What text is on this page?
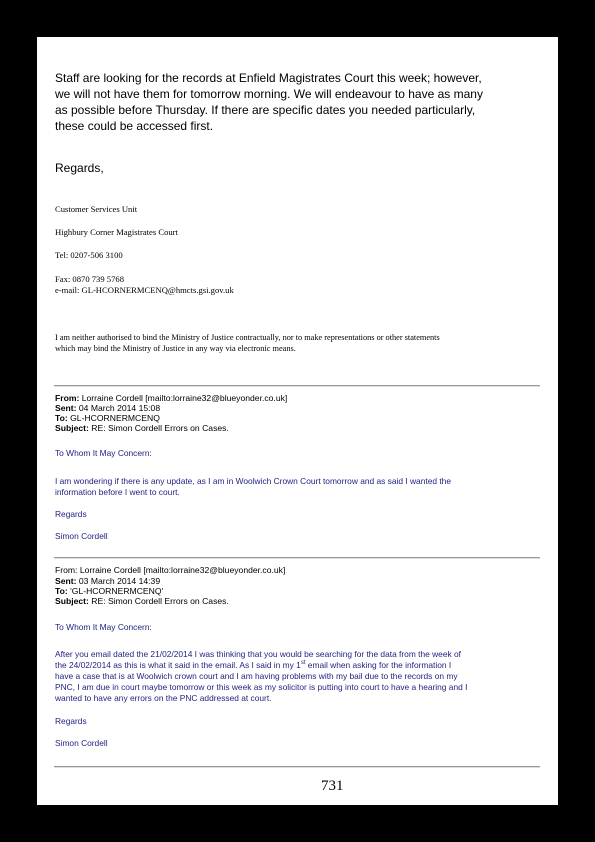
Staff are looking for the records at Enfield Magistrates Court this week; however,
we will not have them for tomorrow morning. We will endeavour to have as many
as possible before Thursday. If there are specific dates you needed particularly,
these could be accessed first.
Regards,
Customer Services Unit
Highbury Corner Magistrates Court
Tel: 0207-506 3100
Fax: 0870 739 5768
e-mail: GL-HCORNERMCENQ@hmcts.gsi.gov.uk
I am neither authorised to bind the Ministry of Justice contractually, nor to make representations or other statements
which may bind the Ministry of Justice in any way via electronic means.
From: Lorraine Cordell [mailto:lorraine32@blueyonder.co.uk]
Sent: 04 March 2014 15:08
To: GL-HCORNERMCENQ
Subject: RE: Simon Cordell Errors on Cases.
To Whom It May Concern:
I am wondering if there is any update, as I am in Woolwich Crown Court tomorrow and as said I wanted the
information before I went to court.
Regards
Simon Cordell
From: Lorraine Cordell [mailto:lorraine32@blueyonder.co.uk]
Sent: 03 March 2014 14:39
To: 'GL-HCORNERMCENQ'
Subject: RE: Simon Cordell Errors on Cases.
To Whom It May Concern:
After you email dated the 21/02/2014 I was thinking that you would be searching for the data from the week of
the 24/02/2014 as this is what it said in the email. As I said in my 1st email when asking for the information I
have a case that is at Woolwich crown court and I am having problems with my bail due to the records on my
PNC, I am due in court maybe tomorrow or this week as my solicitor is putting into court to have a hearing and I
wanted to have any errors on the PNC addressed at court.
Regards
Simon Cordell
731
